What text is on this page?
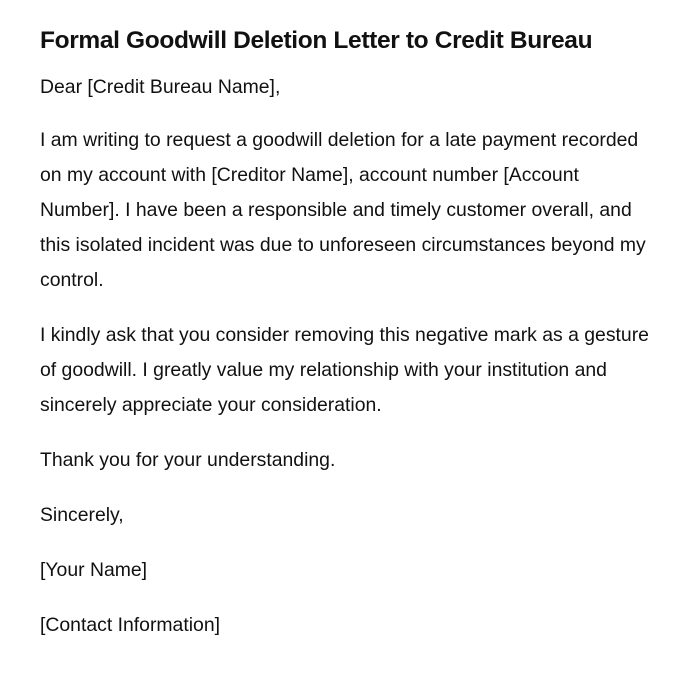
Formal Goodwill Deletion Letter to Credit Bureau

Dear [Credit Bureau Name],

I am writing to request a goodwill deletion for a late payment recorded on my account with [Creditor Name], account number [Account Number]. I have been a responsible and timely customer overall, and this isolated incident was due to unforeseen circumstances beyond my control.

I kindly ask that you consider removing this negative mark as a gesture of goodwill. I greatly value my relationship with your institution and sincerely appreciate your consideration.

Thank you for your understanding.

Sincerely,

[Your Name]

[Contact Information]
